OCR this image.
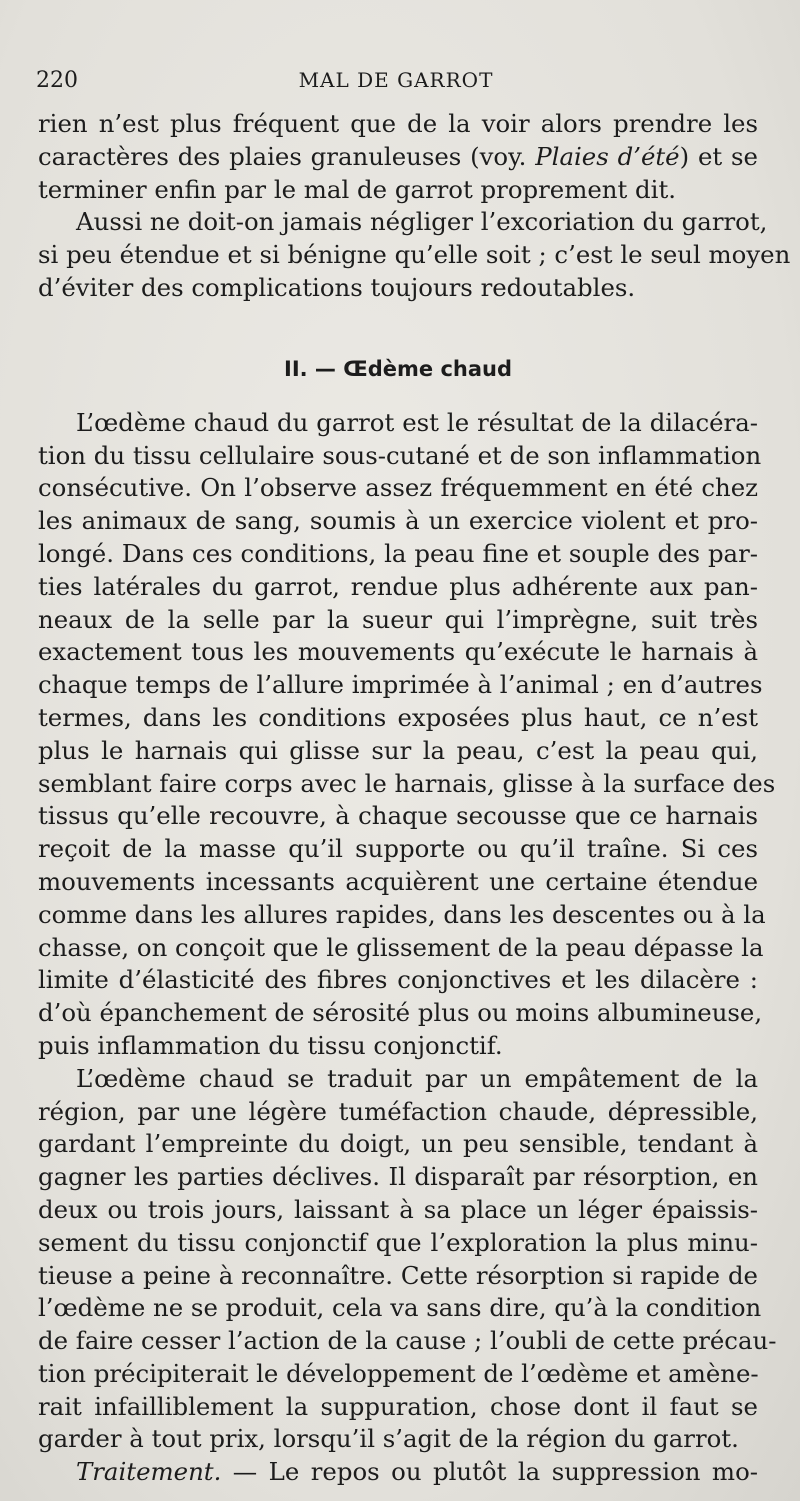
220	MAL DE GARROT
rien n’est plus fréquent que de la voir alors prendre les
caractères des plaies granuleuses (voy. Plaies d’été) et se
terminer enfin par le mal de garrot proprement dit.
Aussi ne doit-on jamais négliger l’excoriation du garrot,
si peu étendue et si bénigne qu’elle soit ; c’est le seul moyen
d’éviter des complications toujours redoutables.
II. — Œdème chaud
L’œdème chaud du garrot est le résultat de la dilacéra-
tion du tissu cellulaire sous-cutané et de son inflammation
consécutive. On l’observe assez fréquemment en été chez
les animaux de sang, soumis à un exercice violent et pro-
longé. Dans ces conditions, la peau fine et souple des par-
ties latérales du garrot, rendue plus adhérente aux pan-
neaux de la selle par la sueur qui l’imprègne, suit très
exactement tous les mouvements qu’exécute le harnais à
chaque temps de l’allure imprimée à l’animal ; en d’autres
termes, dans les conditions exposées plus haut, ce n’est
plus le harnais qui glisse sur la peau, c’est la peau qui,
semblant faire corps avec le harnais, glisse à la surface des
tissus qu’elle recouvre, à chaque secousse que ce harnais
reçoit de la masse qu’il supporte ou qu’il traîne. Si ces
mouvements incessants acquièrent une certaine étendue
comme dans les allures rapides, dans les descentes ou à la
chasse, on conçoit que le glissement de la peau dépasse la
limite d’élasticité des fibres conjonctives et les dilacère :
d’où épanchement de sérosité plus ou moins albumineuse,
puis inflammation du tissu conjonctif.
L’œdème chaud se traduit par un empâtement de la
région, par une légère tuméfaction chaude, dépressible,
gardant l’empreinte du doigt, un peu sensible, tendant à
gagner les parties déclives. Il disparaît par résorption, en
deux ou trois jours, laissant à sa place un léger épaissis-
sement du tissu conjonctif que l’exploration la plus minu-
tieuse a peine à reconnaître. Cette résorption si rapide de
l’œdème ne se produit, cela va sans dire, qu’à la condition
de faire cesser l’action de la cause ; l’oubli de cette précau-
tion précipiterait le développement de l’œdème et amène-
rait infailliblement la suppuration, chose dont il faut se
garder à tout prix, lorsqu’il s’agit de la région du garrot.
Traitement. — Le repos ou plutôt la suppression mo-
